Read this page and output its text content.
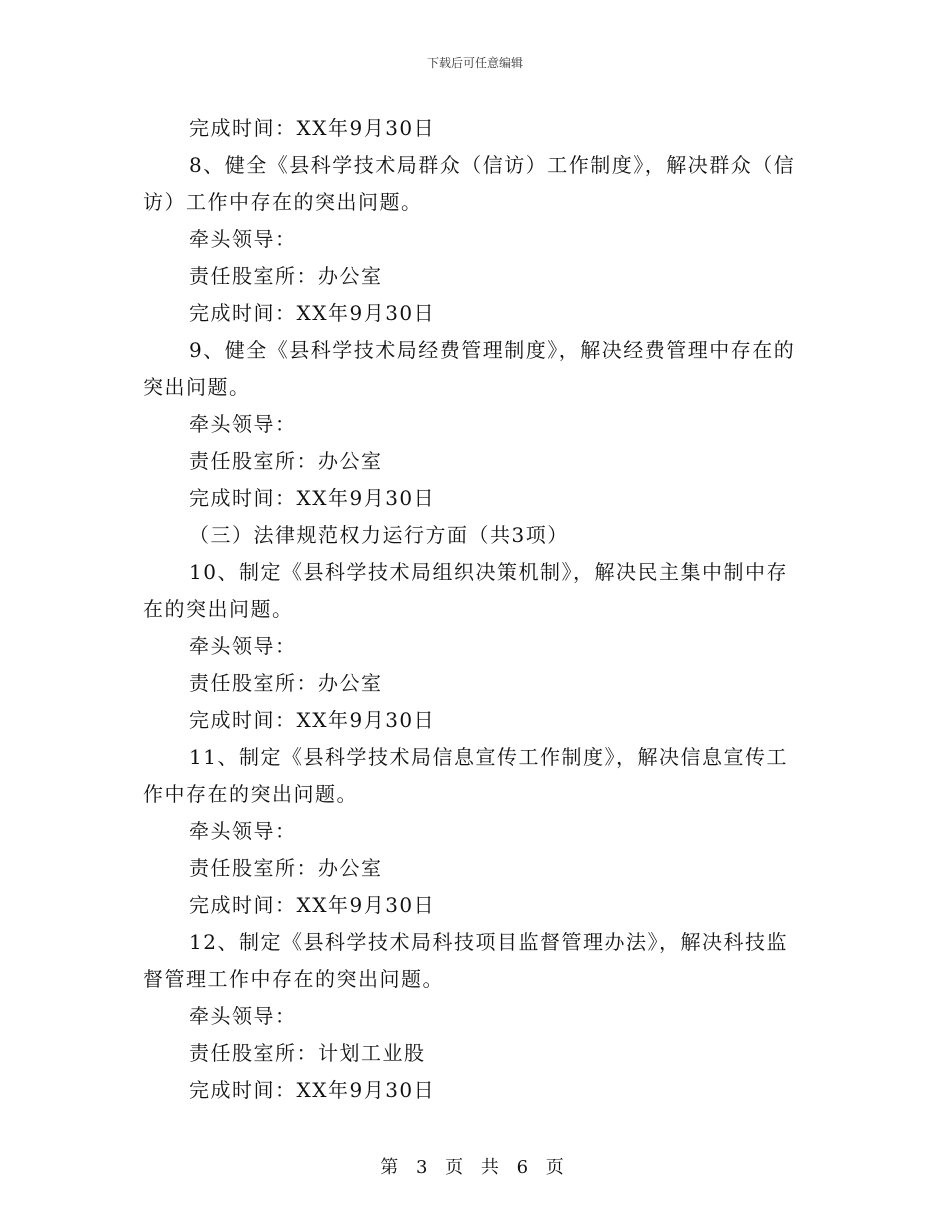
下载后可任意编辑
完成时间：XX年9月30日
8、健全《县科学技术局群众（信访）工作制度》，解决群众（信
访）工作中存在的突出问题。
牵头领导：
责任股室所：办公室
完成时间：XX年9月30日
9、健全《县科学技术局经费管理制度》，解决经费管理中存在的
突出问题。
牵头领导：
责任股室所：办公室
完成时间：XX年9月30日
（三）法律规范权力运行方面（共3项）
10、制定《县科学技术局组织决策机制》，解决民主集中制中存
在的突出问题。
牵头领导：
责任股室所：办公室
完成时间：XX年9月30日
11、制定《县科学技术局信息宣传工作制度》，解决信息宣传工
作中存在的突出问题。
牵头领导：
责任股室所：办公室
完成时间：XX年9月30日
12、制定《县科学技术局科技项目监督管理办法》，解决科技监
督管理工作中存在的突出问题。
牵头领导：
责任股室所：计划工业股
完成时间：XX年9月30日
第 3 页 共 6 页
